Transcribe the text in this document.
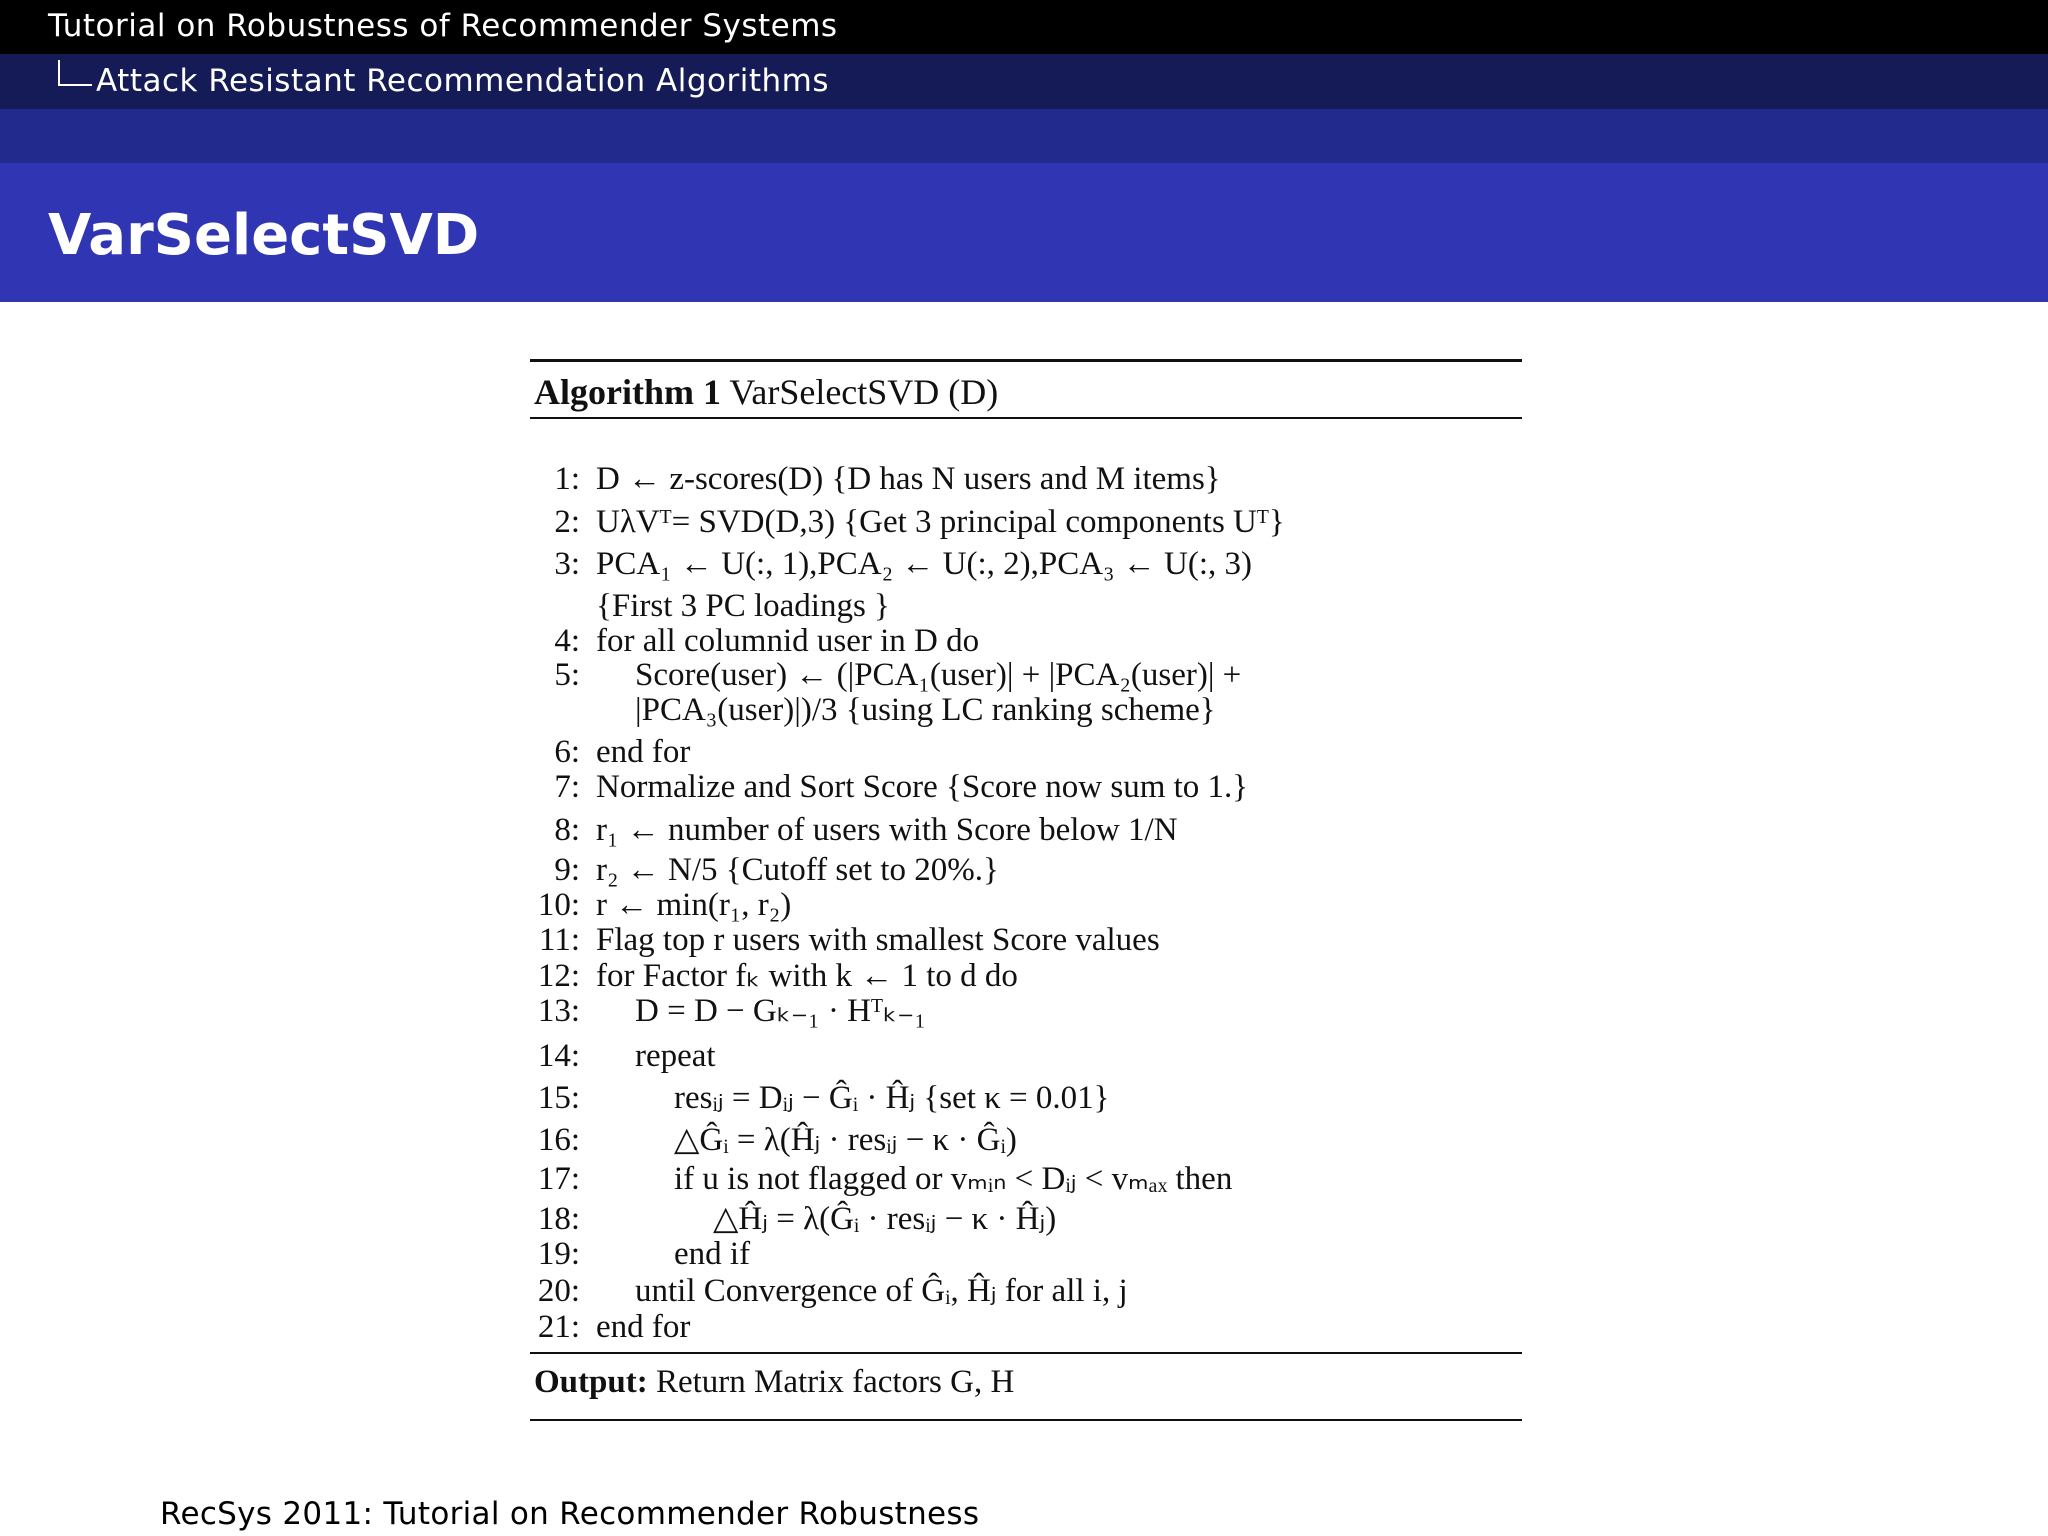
Tutorial on Robustness of Recommender Systems
Attack Resistant Recommendation Algorithms
VarSelectSVD
Algorithm 1 VarSelectSVD (D)
1: D ← z-scores(D) {D has N users and M items}
2: UλVᵀ= SVD(D,3) {Get 3 principal components Uᵀ}
3: PCA₁ ← U(:, 1),PCA₂ ← U(:, 2),PCA₃ ← U(:, 3)
{First 3 PC loadings }
4: for all columnid user in D do
5: Score(user) ← (|PCA₁(user)| + |PCA₂(user)| +
|PCA₃(user)|)/3 {using LC ranking scheme}
6: end for
7: Normalize and Sort Score {Score now sum to 1.}
8: r₁ ← number of users with Score below 1/N
9: r₂ ← N/5 {Cutoff set to 20%.}
10: r ← min(r₁, r₂)
11: Flag top r users with smallest Score values
12: for Factor fₖ with k ← 1 to d do
13: D = D − Gₖ₋₁ · Hᵀₖ₋₁
14: repeat
15:	resᵢⱼ = Dᵢⱼ − Ĝᵢ · Ĥⱼ {set κ = 0.01}
16:	△Ĝᵢ = λ(Ĥⱼ · resᵢⱼ − κ · Ĝᵢ)
17:	if u is not flagged or vₘᵢₙ < Dᵢⱼ < vₘₐₓ then
18:	△Ĥⱼ = λ(Ĝᵢ · resᵢⱼ − κ · Ĥⱼ)
19:	end if
20: until Convergence of Ĝᵢ, Ĥⱼ for all i, j
21: end for
Output: Return Matrix factors G, H
RecSys 2011: Tutorial on Recommender Robustness
